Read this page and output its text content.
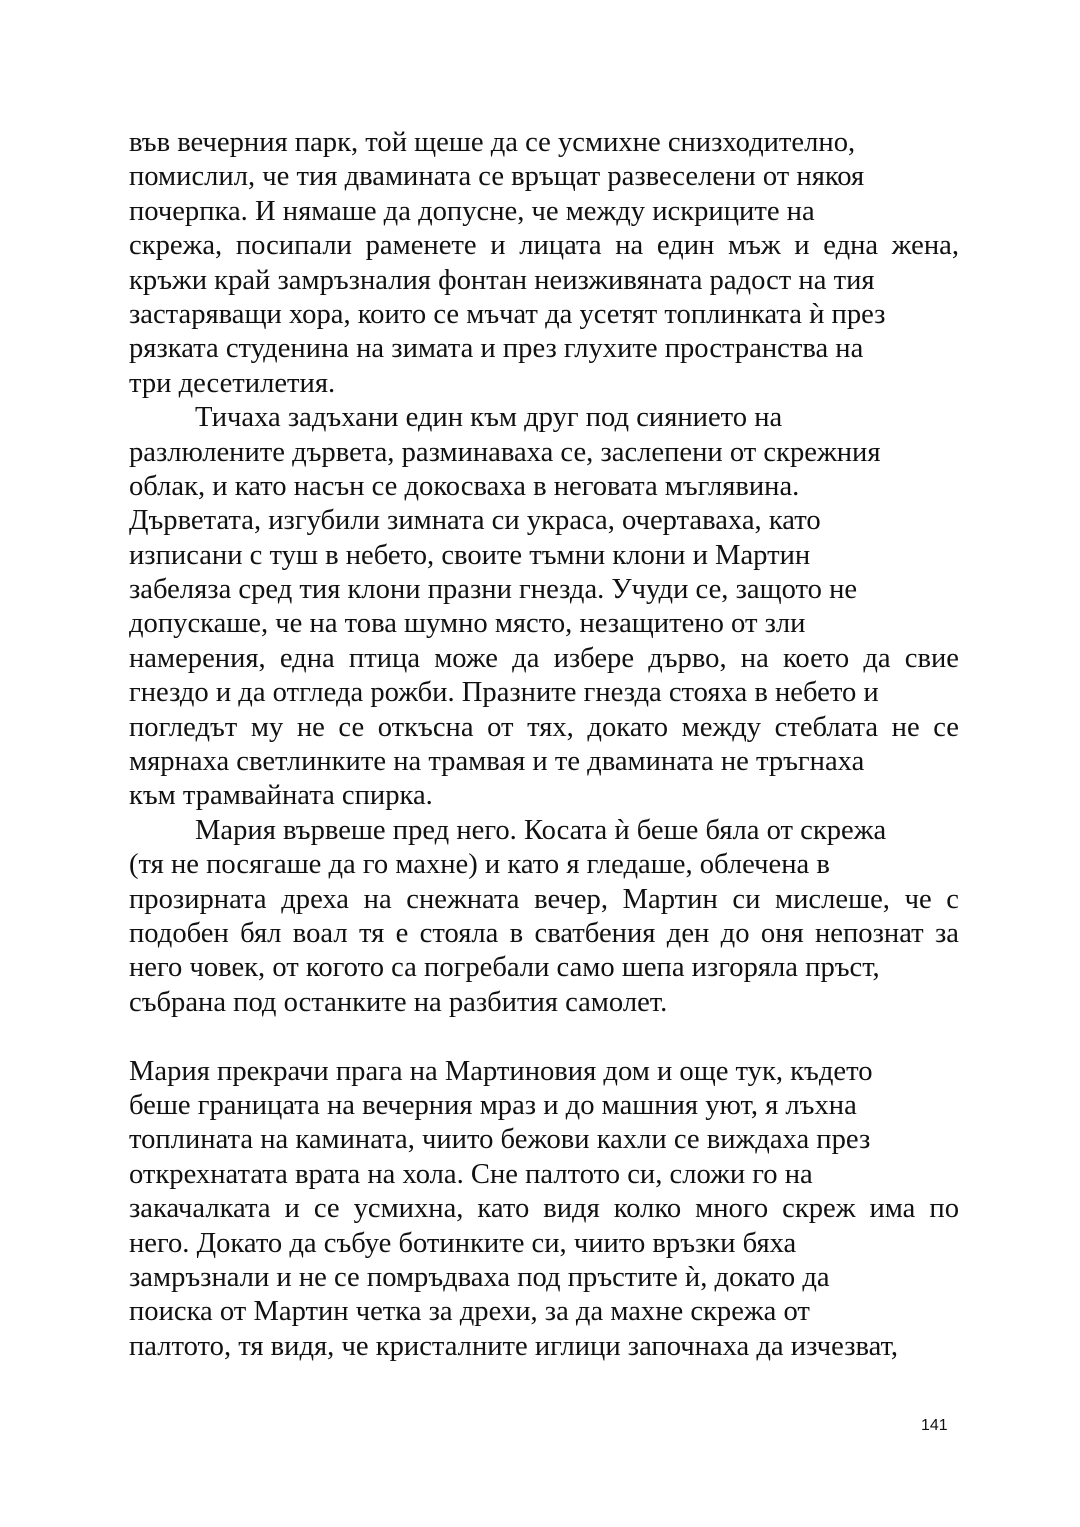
във вечерния парк, той щеше да се усмихне снизходително,
помислил, че тия двамината се връщат развеселени от някоя
почерпка. И нямаше да допусне, че между искриците на
скрежа, посипали раменете и лицата на един мъж и една жена,
кръжи край замръзналия фонтан неизживяната радост на тия
застаряващи хора, които се мъчат да усетят топлинката ѝ през
рязката студенина на зимата и през глухите пространства на
три десетилетия.
Тичаха задъхани един към друг под сиянието на
разлюлените дървета, разминаваха се, заслепени от скрежния
облак, и като насън се докосваха в неговата мъглявина.
Дърветата, изгубили зимната си украса, очертаваха, като
изписани с туш в небето, своите тъмни клони и Мартин
забеляза сред тия клони празни гнезда. Учуди се, защото не
допускаше, че на това шумно място, незащитено от зли
намерения, една птица може да избере дърво, на което да свие
гнездо и да отгледа рожби. Празните гнезда стояха в небето и
погледът му не се откъсна от тях, докато между стеблата не се
мярнаха светлинките на трамвая и те двамината не тръгнаха
към трамвайната спирка.
Мария вървеше пред него. Косата ѝ беше бяла от скрежа
(тя не посягаше да го махне) и като я гледаше, облечена в
прозирната дреха на снежната вечер, Мартин си мислеше, че с
подобен бял воал тя е стояла в сватбения ден до оня непознат за
него човек, от когото са погребали само шепа изгоряла пръст,
събрана под останките на разбития самолет.
Мария прекрачи прага на Мартиновия дом и още тук, където
беше границата на вечерния мраз и до машния уют, я лъхна
топлината на камината, чиито бежови кахли се виждаха през
открехнатата врата на хола. Сне палтото си, сложи го на
закачалката и се усмихна, като видя колко много скреж има по
него. Докато да събуе ботинките си, чиито връзки бяха
замръзнали и не се помръдваха под пръстите ѝ, докато да
поиска от Мартин четка за дрехи, за да махне скрежа от
палтото, тя видя, че кристалните иглици започнаха да изчезват,
141
